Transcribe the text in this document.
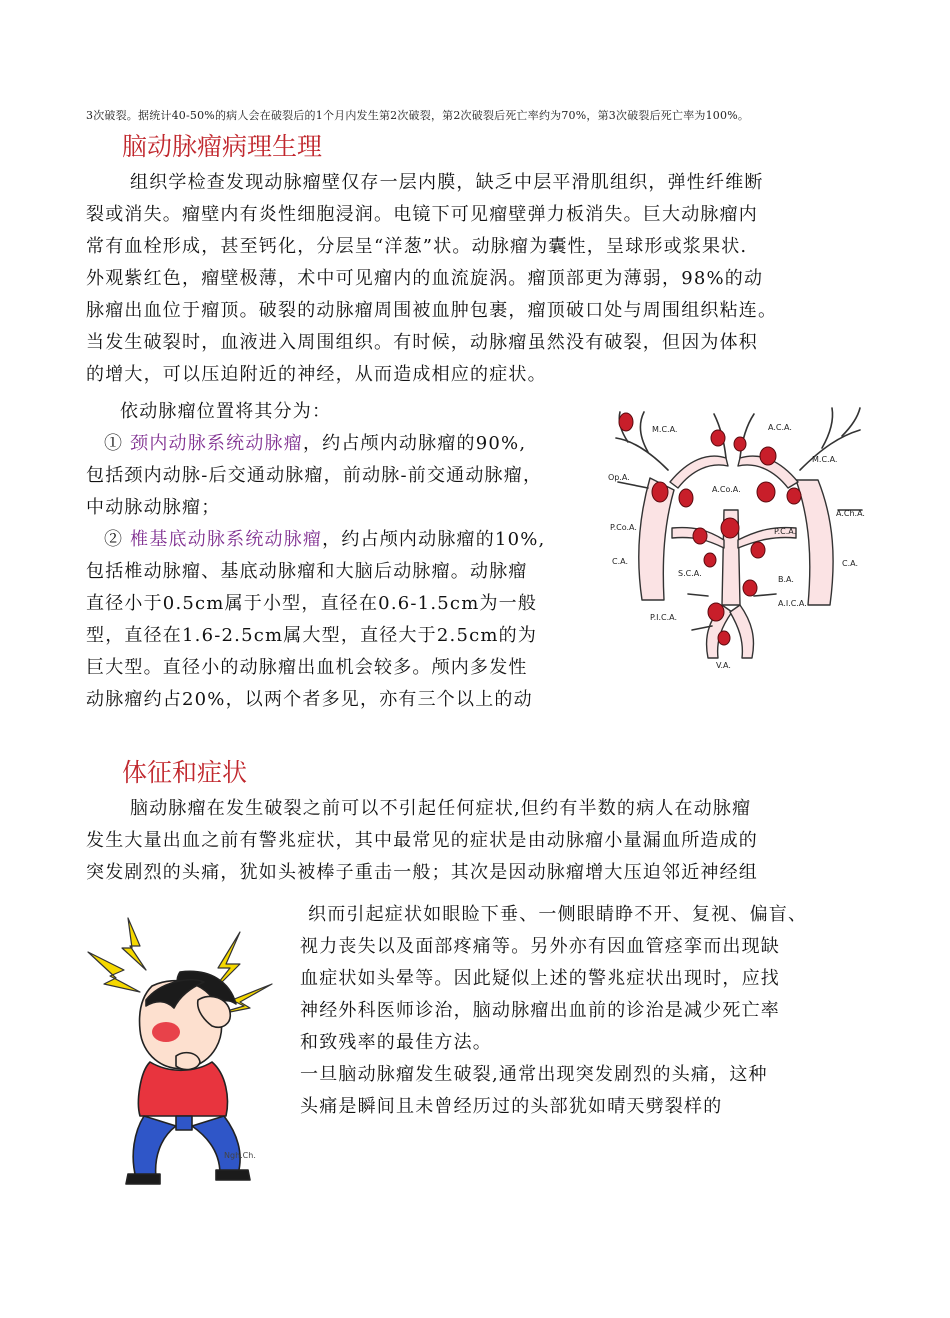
3次破裂。据统计40-50%的病人会在破裂后的1个月内发生第2次破裂，第2次破裂后死亡率约为70%，第3次破裂后死亡率为100%。
脑动脉瘤病理生理

组织学检查发现动脉瘤壁仅存一层内膜，缺乏中层平滑肌组织，弹性纤维断

裂或消失。瘤壁内有炎性细胞浸润。电镜下可见瘤壁弹力板消失。巨大动脉瘤内

常有血栓形成，甚至钙化，分层呈“洋葱”状。动脉瘤为囊性，呈球形或浆果状.

外观紫红色，瘤壁极薄，术中可见瘤内的血流旋涡。瘤顶部更为薄弱，98%的动

脉瘤出血位于瘤顶。破裂的动脉瘤周围被血肿包裹，瘤顶破口处与周围组织粘连。

当发生破裂时，血液进入周围组织。有时候，动脉瘤虽然没有破裂，但因为体积

的增大，可以压迫附近的神经，从而造成相应的症状。

依动脉瘤位置将其分为：

① 颈内动脉系统动脉瘤，约占颅内动脉瘤的90%,

包括颈内动脉-后交通动脉瘤，前动脉-前交通动脉瘤，

中动脉动脉瘤；

② 椎基底动脉系统动脉瘤，约占颅内动脉瘤的10%,

包括椎动脉瘤、基底动脉瘤和大脑后动脉瘤。动脉瘤

直径小于0.5cm属于小型，直径在0.6-1.5cm为一般

型，直径在1.6-2.5cm属大型，直径大于2.5cm的为

巨大型。直径小的动脉瘤出血机会较多。颅内多发性

动脉瘤约占20%，以两个者多见，亦有三个以上的动

M.C.A.	A.C.A.
M.C.A.
A.Co.A.
Op.A.
A.Ch.A.
P.Co.A.	P.C.A.
C.A.
S.C.A.
C.A.
B.A.
A.I.C.A.
P.I.C.A.
V.A.
体征和症状

脑动脉瘤在发生破裂之前可以不引起任何症状,但约有半数的病人在动脉瘤

发生大量出血之前有警兆症状，其中最常见的症状是由动脉瘤小量漏血所造成的

突发剧烈的头痛，犹如头被棒子重击一般；其次是因动脉瘤增大压迫邻近神经组

织而引起症状如眼睑下垂、一侧眼睛睁不开、复视、偏盲、

视力丧失以及面部疼痛等。另外亦有因血管痉挛而出现缺

血症状如头晕等。因此疑似上述的警兆症状出现时，应找

神经外科医师诊治，脑动脉瘤出血前的诊治是减少死亡率

和致残率的最佳方法。

一旦脑动脉瘤发生破裂,通常出现突发剧烈的头痛，这种

头痛是瞬间且未曾经历过的头部犹如晴天劈裂样的

Ngh.Ch.
